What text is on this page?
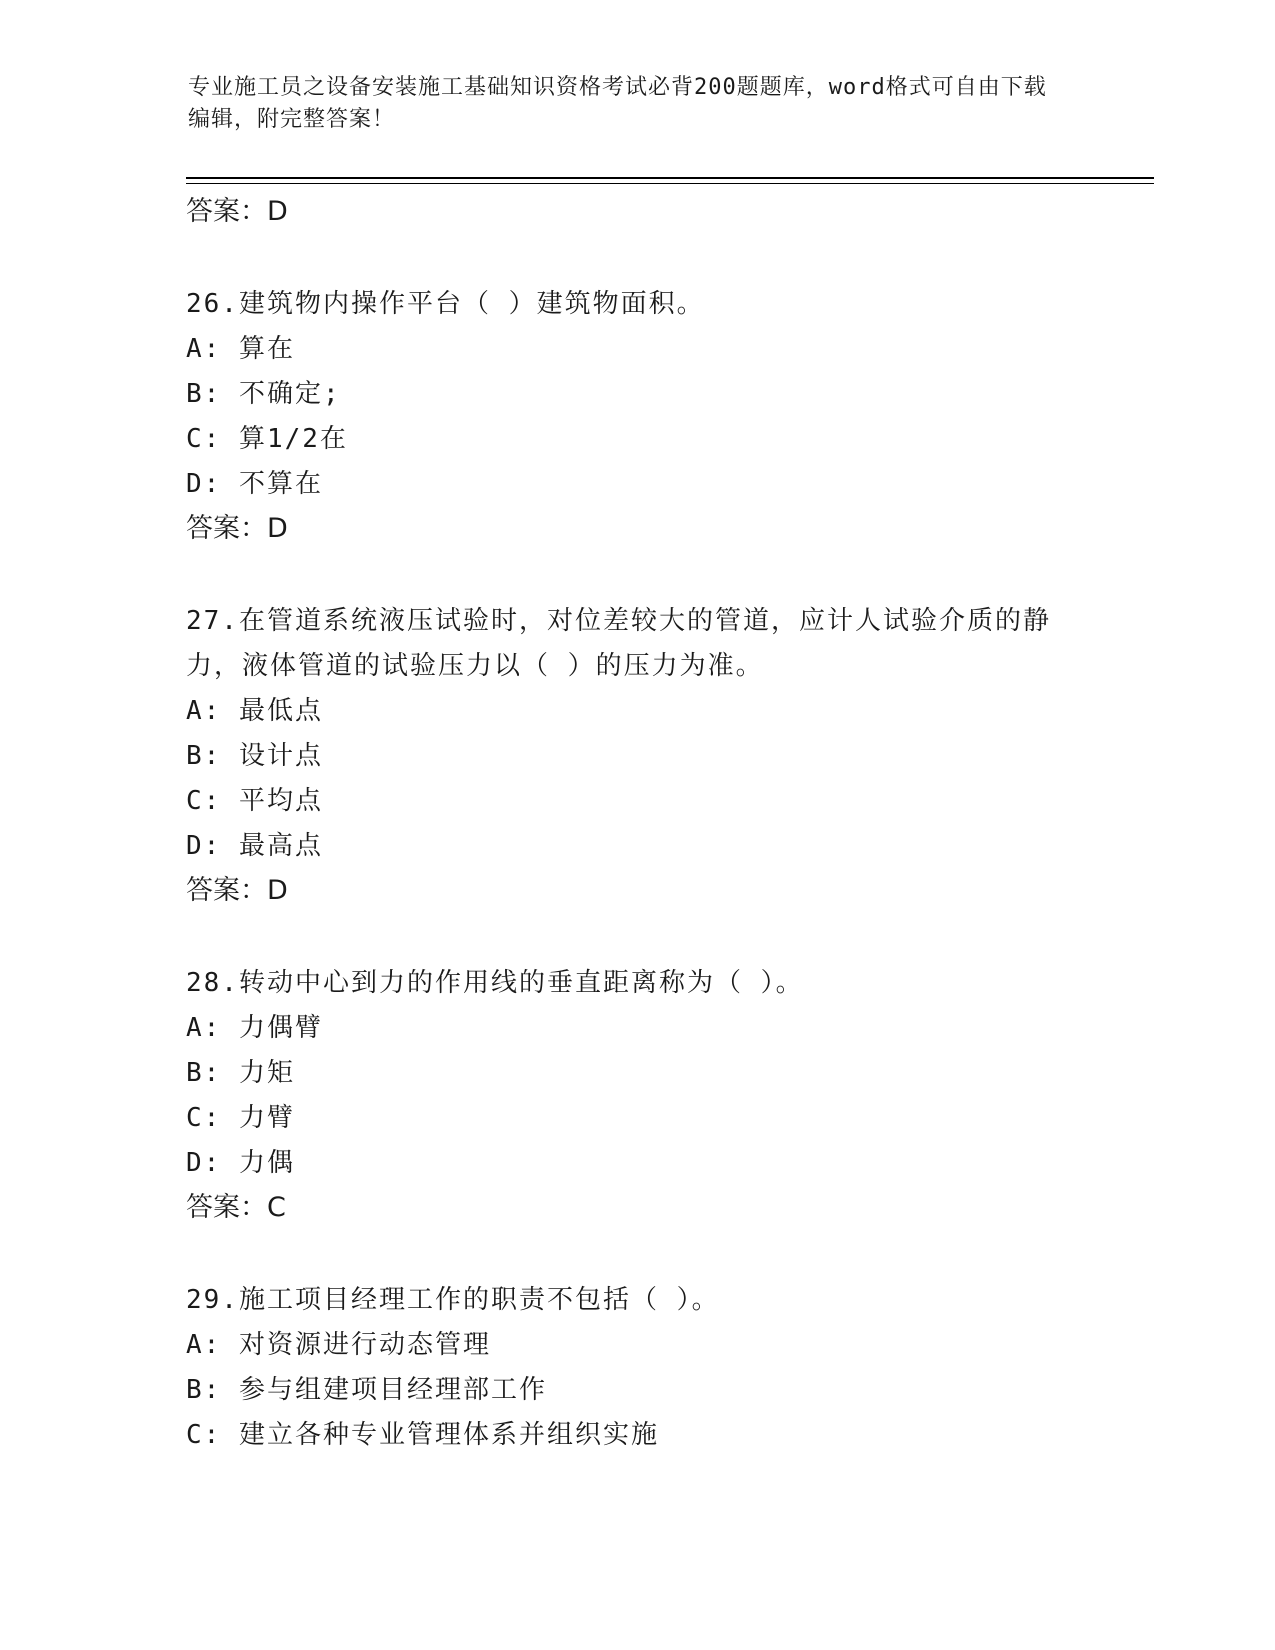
专业施工员之设备安装施工基础知识资格考试必背200题题库，word格式可自由下载编辑，附完整答案！
答案：D
26.建筑物内操作平台（ ）建筑物面积。
A: 算在
B: 不确定;
C: 算1/2在
D: 不算在
答案：D
27.在管道系统液压试验时，对位差较大的管道，应计人试验介质的静力，液体管道的试验压力以（ ）的压力为准。
A: 最低点
B: 设计点
C: 平均点
D: 最高点
答案：D
28.转动中心到力的作用线的垂直距离称为（ ）。
A: 力偶臂
B: 力矩
C: 力臂
D: 力偶
答案：C
29.施工项目经理工作的职责不包括（ ）。
A: 对资源进行动态管理
B: 参与组建项目经理部工作
C: 建立各种专业管理体系并组织实施
